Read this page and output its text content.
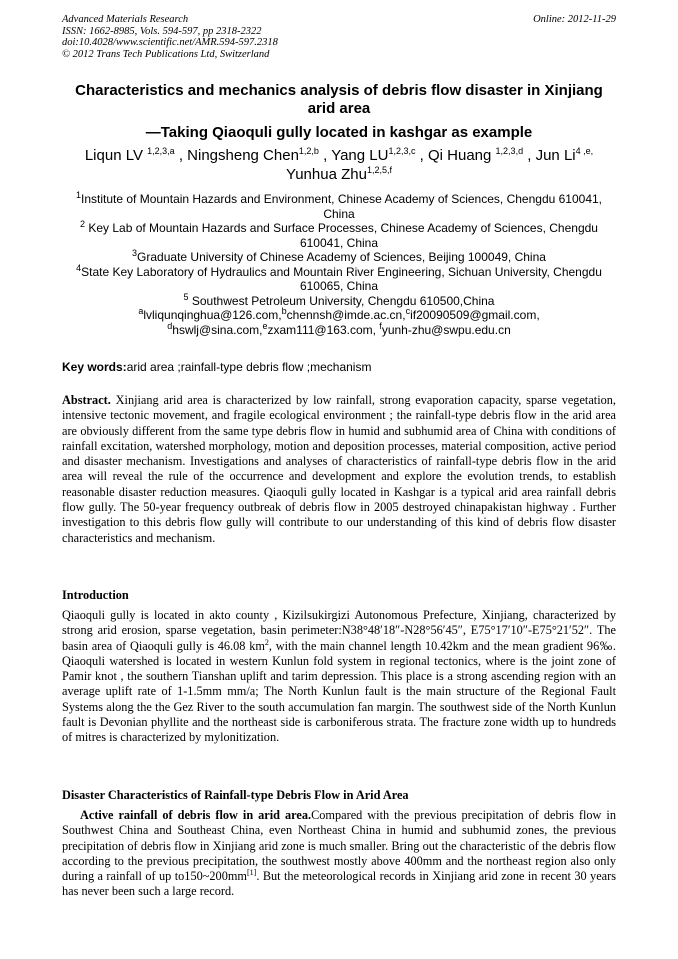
Advanced Materials Research
ISSN: 1662-8985, Vols. 594-597, pp 2318-2322
doi:10.4028/www.scientific.net/AMR.594-597.2318
© 2012 Trans Tech Publications Ltd, Switzerland
Online: 2012-11-29
Characteristics and mechanics analysis of debris flow disaster in Xinjiang arid area
—Taking Qiaoquli gully located in kashgar as example
Liqun LV $^{1,2,3,a}$ , Ningsheng Chen$^{1,2,b}$ , Yang LU$^{1,2,3,c}$ , Qi Huang $^{1,2,3,d}$ , Jun $Li^{4 ,e,}$
Yunhua Zhu$^{1,2,5,f}$

$^1$Institute of Mountain Hazards and Environment, Chinese Academy of Sciences, Chengdu 610041, China

$^2$ Key Lab of Mountain Hazards and Surface Processes, Chinese Academy of Sciences, Chengdu 610041, China

$^3$Graduate University of Chinese Academy of Sciences, Beijing 100049, China

$^4$State Key Laboratory of Hydraulics and Mountain River Engineering, Sichuan University, Chengdu 610065, China

$^5$ Southwest Petroleum University, Chengdu 610500,China

$^a$lvliqunqinghua@126.com,$^b$chennsh@imde.ac.cn,$^c$if20090509@gmail.com,

$^d$hswlj@sina.com,$^e$zxam111@163.com, $^f$yunh-zhu@swpu.edu.cn

Key words:arid area ;rainfall-type debris flow ;mechanism
Abstract. Xinjiang arid area is characterized by low rainfall, strong evaporation capacity, sparse vegetation, intensive tectonic movement, and fragile ecological environment ; the rainfall-type debris flow in the arid area are obviously different from the same type debris flow in humid and subhumid area of China with conditions of rainfall excitation, watershed morphology, motion and deposition processes, material composition, active period and disaster mechanism. Investigations and analyses of characteristics of rainfall-type debris flow in the arid area will reveal the rule of the occurrence and development and explore the evolution trends, to establish reasonable disaster reduction measures. Qiaoquli gully located in Kashgar is a typical arid area rainfall debris flow gully. The 50-year frequency outbreak of debris flow in 2005 destroyed chinapakistan highway . Further investigation to this debris flow gully will contribute to our understanding of this kind of debris flow disaster characteristics and mechanism.
Introduction
Qiaoquli gully is located in akto county , Kizilsukirgizi Autonomous Prefecture, Xinjiang, characterized by strong arid erosion, sparse vegetation, basin perimeter:N38°48′18″-N28°56′45″, E75°17′10″-E75°21′52″. The basin area of Qiaoquli gully is 46.08 $km^2$, with the main channel length 10.42km and the mean gradient 96‰. Qiaoquli watershed is located in western Kunlun fold system in regional tectonics, where is the joint zone of Pamir knot , the southern Tianshan uplift and tarim depression. This place is a strong ascending region with an average uplift rate of 1-1.5mm mm/a; The North Kunlun fault is the main structure of the Regional Fault Systems along the the Gez River to the south accumulation fan margin. The southwest side of the North Kunlun fault is Devonian phyllite and the northeast side is carboniferous strata. The fracture zone width up to hundreds of mitres is characterized by mylonitization.
Disaster Characteristics of Rainfall-type Debris Flow in Arid Area
Active rainfall of debris flow in arid area.Compared with the previous precipitation of debris flow in Southwest China and Southeast China, even Northeast China in humid and subhumid zones, the previous precipitation of debris flow in Xinjiang arid zone is much smaller. Bring out the characteristic of the debris flow according to the previous precipitation, the southwest mostly above 400mm and the northeast region also only during a rainfall of up to150~200mm[1]. But the meteorological records in Xinjiang arid zone in recent 30 years has never been such a large record.
